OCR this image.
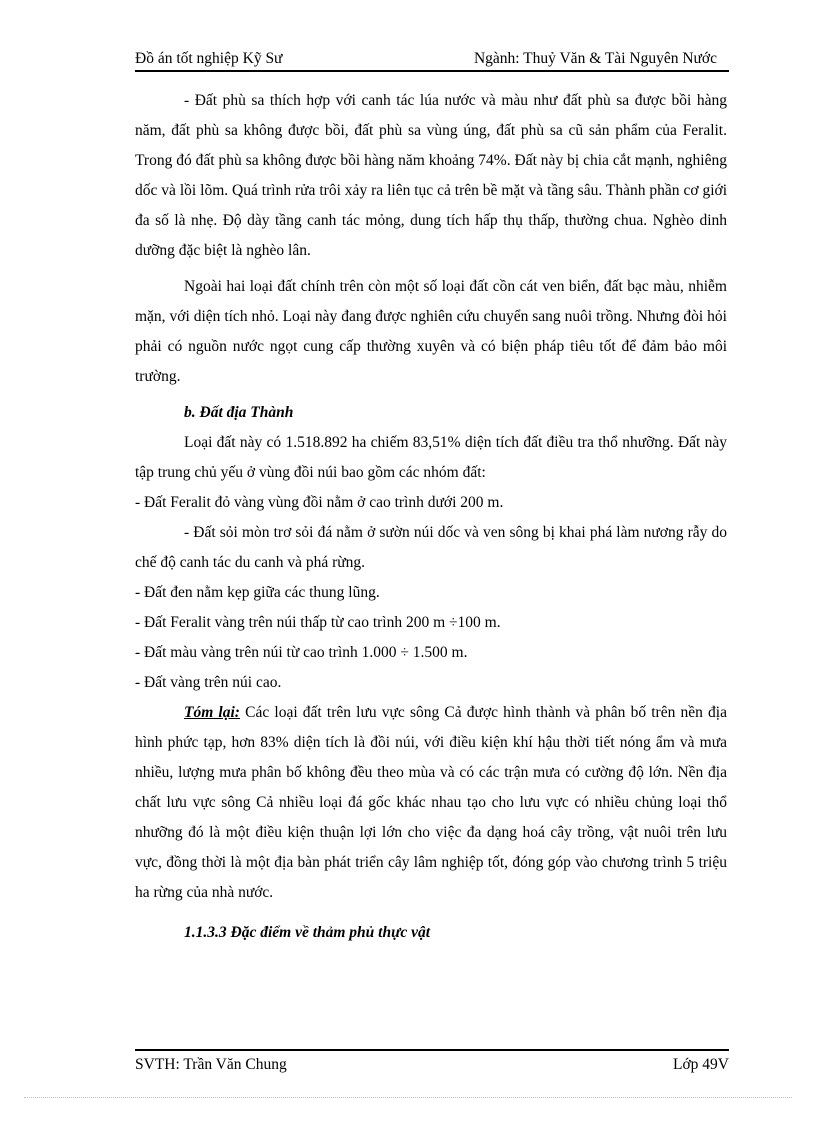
Đồ án tốt nghiệp Kỹ Sư	Ngành: Thuỷ Văn & Tài Nguyên Nước

- Đất phù sa thích hợp với canh tác lúa nước và màu như đất phù sa được bồi hàng năm, đất phù sa không được bồi, đất phù sa vùng úng, đất phù sa cũ sản phẩm của Feralit. Trong đó đất phù sa không được bồi hàng năm khoảng 74%. Đất này bị chia cắt mạnh, nghiêng dốc và lồi lõm. Quá trình rửa trôi xảy ra liên tục cả trên bề mặt và tầng sâu. Thành phần cơ giới đa số là nhẹ. Độ dày tầng canh tác mỏng, dung tích hấp thụ thấp, thường chua. Nghèo dinh dưỡng đặc biệt là nghèo lân.

Ngoài hai loại đất chính trên còn một số loại đất cồn cát ven biển, đất bạc màu, nhiễm mặn, với diện tích nhỏ. Loại này đang được nghiên cứu chuyển sang nuôi trồng. Nhưng đòi hỏi phải có nguồn nước ngọt cung cấp thường xuyên và có biện pháp tiêu tốt để đảm bảo môi trường.

b. Đất địa Thành

Loại đất này có 1.518.892 ha chiếm 83,51% diện tích đất điều tra thổ nhưỡng. Đất này tập trung chủ yếu ở vùng đồi núi bao gồm các nhóm đất:

- Đất Feralit đỏ vàng vùng đồi nằm ở cao trình dưới 200 m.

- Đất sỏi mòn trơ sỏi đá nằm ở sườn núi dốc và ven sông bị khai phá làm nương rẫy do chế độ canh tác du canh và phá rừng.

- Đất đen nằm kẹp giữa các thung lũng.

- Đất Feralit vàng trên núi thấp từ cao trình 200 m ÷100 m.

- Đất màu vàng trên núi từ cao trình 1.000 ÷ 1.500 m.

- Đất vàng trên núi cao.

Tóm lại: Các loại đất trên lưu vực sông Cả được hình thành và phân bố trên nền địa hình phức tạp, hơn 83% diện tích là đồi núi, với điều kiện khí hậu thời tiết nóng ẩm và mưa nhiều, lượng mưa phân bố không đều theo mùa và có các trận mưa có cường độ lớn. Nền địa chất lưu vực sông Cả nhiều loại đá gốc khác nhau tạo cho lưu vực có nhiều chủng loại thổ nhưỡng đó là một điều kiện thuận lợi lớn cho việc đa dạng hoá cây trồng, vật nuôi trên lưu vực, đồng thời là một địa bàn phát triển cây lâm nghiệp tốt, đóng góp vào chương trình 5 triệu ha rừng của nhà nước.

1.1.3.3 Đặc điểm về thảm phủ thực vật

SVTH: Trần Văn Chung	Lớp 49V
